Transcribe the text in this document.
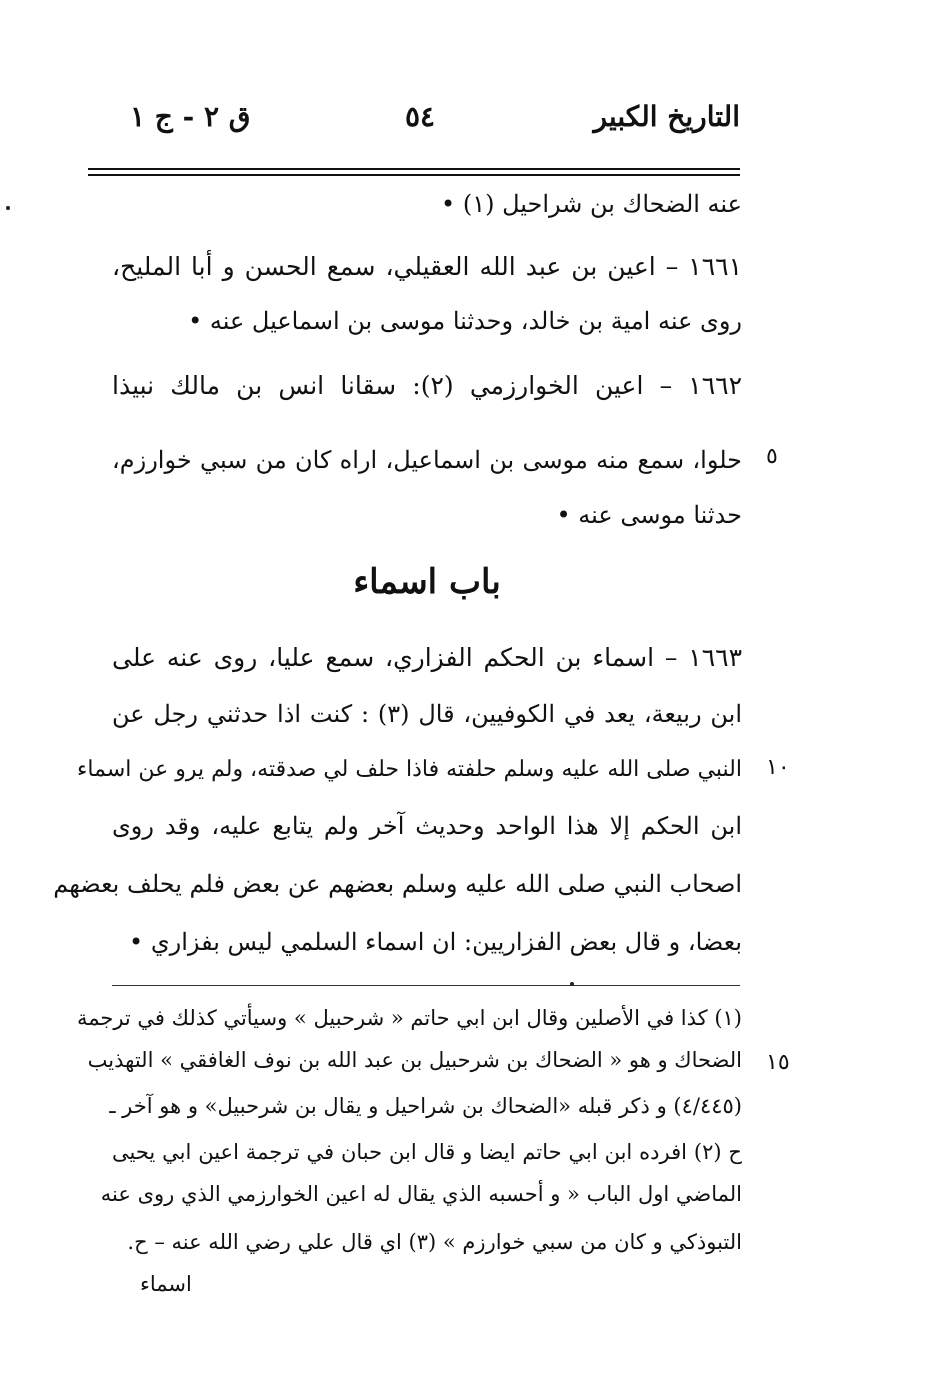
التاريخ الكبير
٥٤
ق ٢ - ج ١
عنه الضحاك بن شراحيل (١) •
١٦٦١ – اعين بن عبد الله العقيلي، سمع الحسن و أبا المليح،
روى عنه امية بن خالد، وحدثنا موسى بن اسماعيل عنه •
١٦٦٢ – اعين الخوارزمي (٢): سقانا انس بن مالك نبيذا
حلوا، سمع منه موسى بن اسماعيل، اراه كان من سبي خوارزم،
حدثنا موسى عنه •
باب اسماء
١٦٦٣ – اسماء بن الحكم الفزاري، سمع عليا، روى عنه على
ابن ربيعة، يعد في الكوفيين، قال (٣) : كنت اذا حدثني رجل عن
النبي صلى الله عليه وسلم حلفته فاذا حلف لي صدقته، ولم يرو عن اسماء
ابن الحكم إلا هذا الواحد وحديث آخر ولم يتابع عليه، وقد روى
اصحاب النبي صلى الله عليه وسلم بعضهم عن بعض فلم يحلف بعضهم
بعضا، و قال بعض الفزاريين: ان اسماء السلمي ليس بفزاري •
٥
١٠
١٥
(١) كذا في الأصلين وقال ابن ابي حاتم « شرحبيل » وسيأتي كذلك في ترجمة
الضحاك و هو « الضحاك بن شرحبيل بن عبد الله بن نوف الغافقي » التهذيب
(٤/٤٤٥) و ذكر قبله «الضحاك بن شراحيل و يقال بن شرحبيل» و هو آخر ـ
ح (٢) افرده ابن ابي حاتم ايضا و قال ابن حبان في ترجمة اعين ابي يحيى
الماضي اول الباب « و أحسبه الذي يقال له اعين الخوارزمي الذي روى عنه
التبوذكي و كان من سبي خوارزم » (٣) اي قال علي رضي الله عنه – ح.
اسماء
